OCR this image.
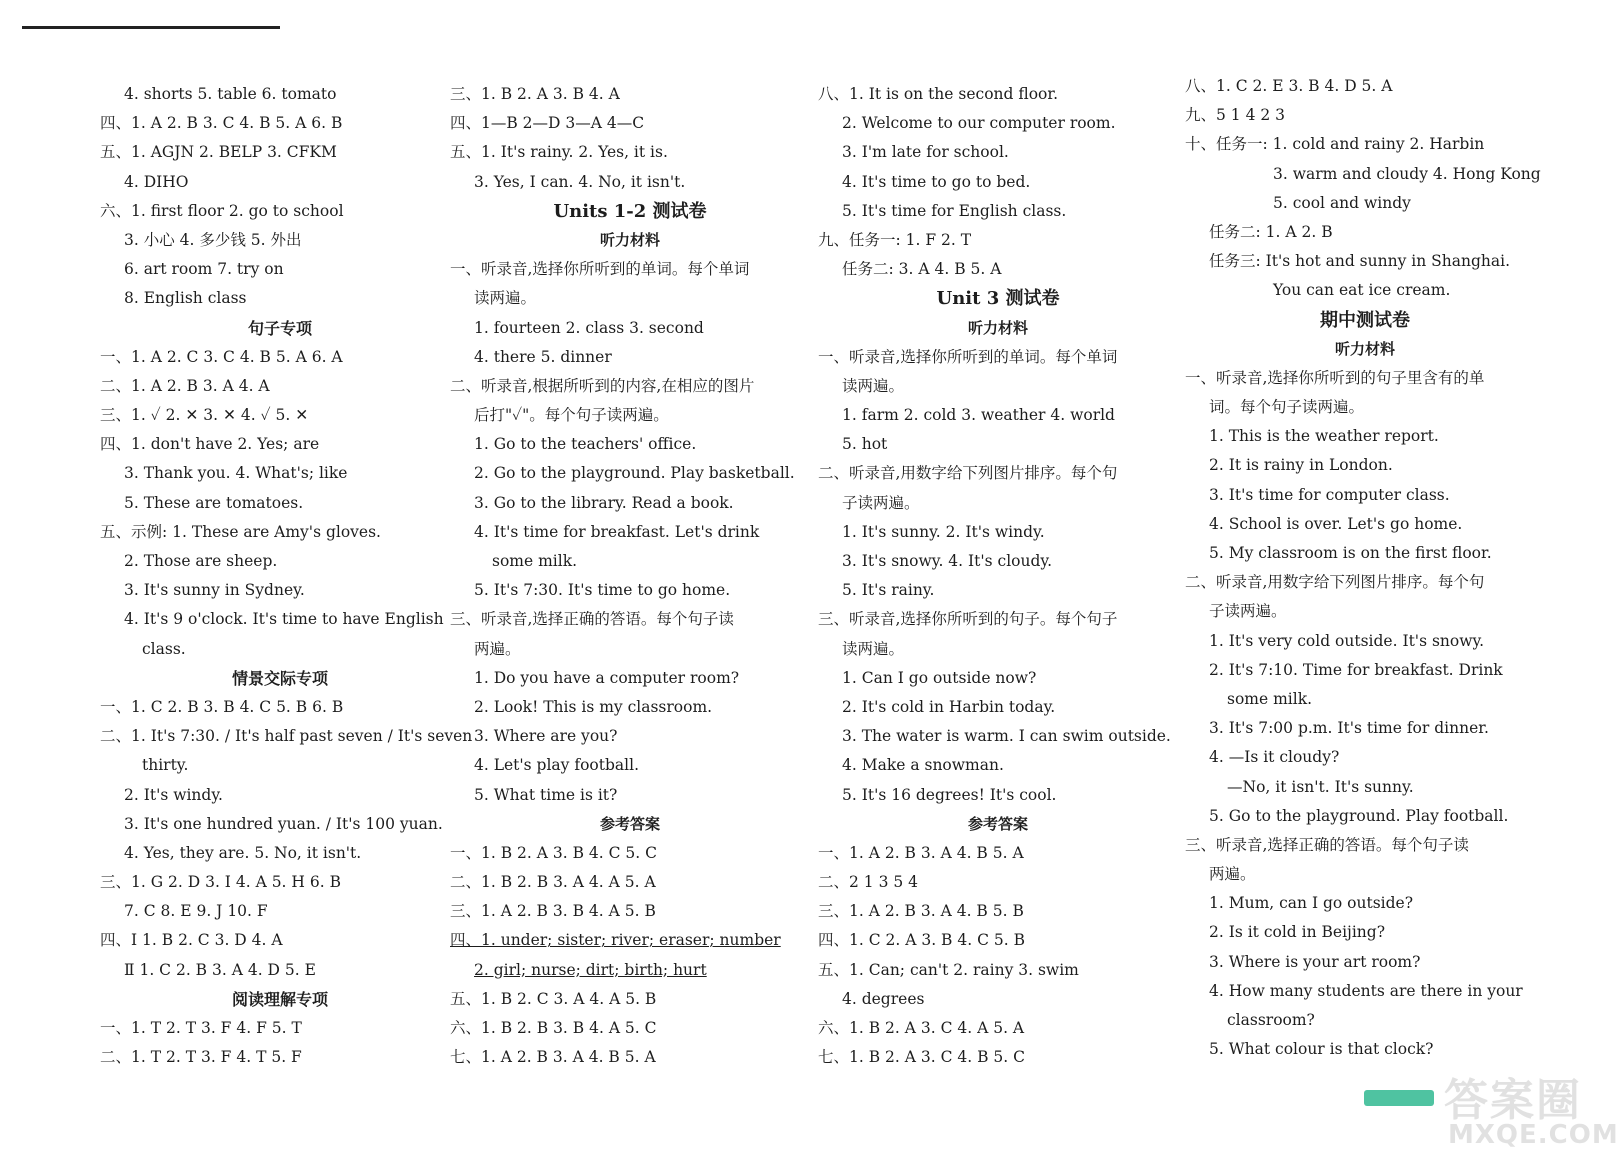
4. shorts 5. table 6. tomato
四、1. A 2. B 3. C 4. B 5. A 6. B
五、1. AGJN 2. BELP 3. CFKM
4. DIHO
六、1. first floor 2. go to school
3. 小心 4. 多少钱 5. 外出
6. art room 7. try on
8. English class
句子专项
一、1. A 2. C 3. C 4. B 5. A 6. A
二、1. A 2. B 3. A 4. A
三、1. ✓ 2. ✕ 3. ✕ 4. ✓ 5. ✕
四、1. don't have 2. Yes; are
3. Thank you. 4. What's; like
5. These are tomatoes.
五、示例: 1. These are Amy's gloves.
2. Those are sheep.
3. It's sunny in Sydney.
4. It's 9 o'clock. It's time to have English
class.
情景交际专项
一、1. C 2. B 3. B 4. C 5. B 6. B
二、1. It's 7:30. / It's half past seven / It's seven
thirty.
2. It's windy.
3. It's one hundred yuan. / It's 100 yuan.
4. Yes, they are. 5. No, it isn't.
三、1. G 2. D 3. I 4. A 5. H 6. B
7. C 8. E 9. J 10. F
四、Ⅰ 1. B 2. C 3. D 4. A
Ⅱ 1. C 2. B 3. A 4. D 5. E
阅读理解专项
一、1. T 2. T 3. F 4. F 5. T
二、1. T 2. T 3. F 4. T 5. F
三、1. B 2. A 3. B 4. A
四、1—B 2—D 3—A 4—C
五、1. It's rainy. 2. Yes, it is.
3. Yes, I can. 4. No, it isn't.
Units 1-2 测试卷
听力材料
一、听录音,选择你所听到的单词。每个单词
读两遍。
1. fourteen 2. class 3. second
4. there 5. dinner
二、听录音,根据所听到的内容,在相应的图片
后打"✓"。每个句子读两遍。
1. Go to the teachers' office.
2. Go to the playground. Play basketball.
3. Go to the library. Read a book.
4. It's time for breakfast. Let's drink
some milk.
5. It's 7:30. It's time to go home.
三、听录音,选择正确的答语。每个句子读
两遍。
1. Do you have a computer room?
2. Look! This is my classroom.
3. Where are you?
4. Let's play football.
5. What time is it?
参考答案
一、1. B 2. A 3. B 4. C 5. C
二、1. B 2. B 3. A 4. A 5. A
三、1. A 2. B 3. B 4. A 5. B
四、1. under; sister; river; eraser; number
2. girl; nurse; dirt; birth; hurt
五、1. B 2. C 3. A 4. A 5. B
六、1. B 2. B 3. B 4. A 5. C
七、1. A 2. B 3. A 4. B 5. A
八、1. It is on the second floor.
2. Welcome to our computer room.
3. I'm late for school.
4. It's time to go to bed.
5. It's time for English class.
九、任务一: 1. F 2. T
任务二: 3. A 4. B 5. A
Unit 3 测试卷
听力材料
一、听录音,选择你所听到的单词。每个单词
读两遍。
1. farm 2. cold 3. weather 4. world
5. hot
二、听录音,用数字给下列图片排序。每个句
子读两遍。
1. It's sunny. 2. It's windy.
3. It's snowy. 4. It's cloudy.
5. It's rainy.
三、听录音,选择你所听到的句子。每个句子
读两遍。
1. Can I go outside now?
2. It's cold in Harbin today.
3. The water is warm. I can swim outside.
4. Make a snowman.
5. It's 16 degrees! It's cool.
参考答案
一、1. A 2. B 3. A 4. B 5. A
二、2 1 3 5 4
三、1. A 2. B 3. A 4. B 5. B
四、1. C 2. A 3. B 4. C 5. B
五、1. Can; can't 2. rainy 3. swim
4. degrees
六、1. B 2. A 3. C 4. A 5. A
七、1. B 2. A 3. C 4. B 5. C
八、1. C 2. E 3. B 4. D 5. A
九、5 1 4 2 3
十、任务一: 1. cold and rainy 2. Harbin
3. warm and cloudy 4. Hong Kong
5. cool and windy
任务二: 1. A 2. B
任务三: It's hot and sunny in Shanghai.
You can eat ice cream.
期中测试卷
听力材料
一、听录音,选择你所听到的句子里含有的单
词。每个句子读两遍。
1. This is the weather report.
2. It is rainy in London.
3. It's time for computer class.
4. School is over. Let's go home.
5. My classroom is on the first floor.
二、听录音,用数字给下列图片排序。每个句
子读两遍。
1. It's very cold outside. It's snowy.
2. It's 7:10. Time for breakfast. Drink
some milk.
3. It's 7:00 p.m. It's time for dinner.
4. —Is it cloudy?
—No, it isn't. It's sunny.
5. Go to the playground. Play football.
三、听录音,选择正确的答语。每个句子读
两遍。
1. Mum, can I go outside?
2. Is it cold in Beijing?
3. Where is your art room?
4. How many students are there in your
classroom?
5. What colour is that clock?
答案圈
MXQE.COM
